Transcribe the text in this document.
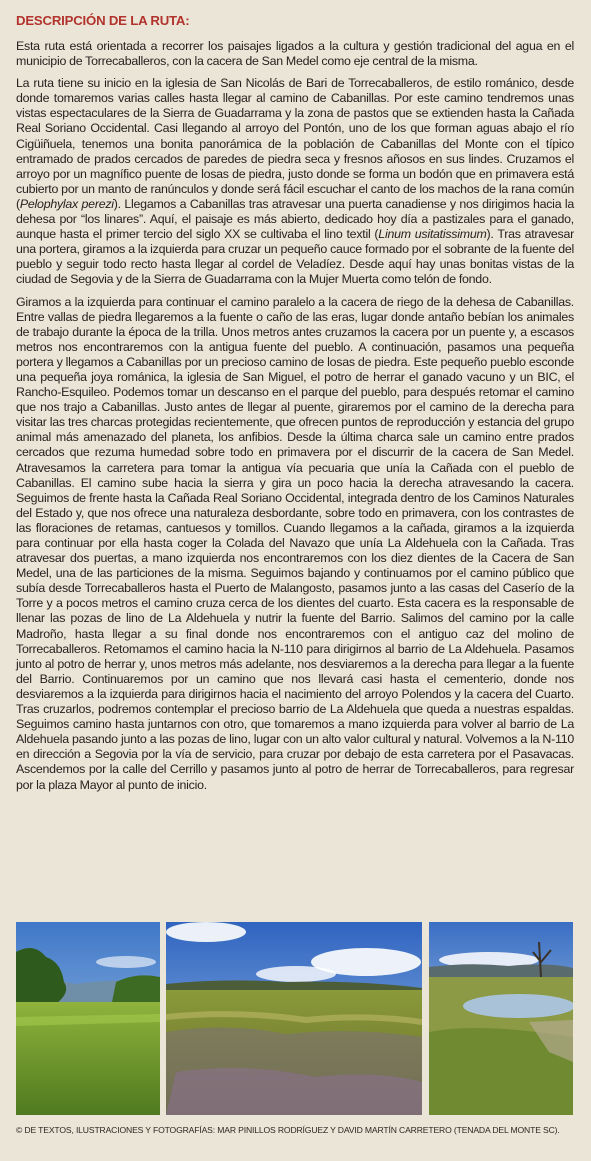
DESCRIPCIÓN DE LA RUTA:

Esta ruta está orientada a recorrer los paisajes ligados a la cultura y gestión tradicional del agua en el municipio de Torrecaballeros, con la cacera de San Medel como eje central de la misma.

La ruta tiene su inicio en la iglesia de San Nicolás de Bari de Torrecaballeros, de estilo románico, desde donde tomaremos varias calles hasta llegar al camino de Cabanillas. Por este camino tendremos unas vistas espectaculares de la Sierra de Guadarrama y la zona de pastos que se extienden hasta la Cañada Real Soriano Occidental. Casi llegando al arroyo del Pontón, uno de los que forman aguas abajo el río Cigüiñuela, tenemos una bonita panorámica de la población de Cabanillas del Monte con el típico entramado de prados cercados de paredes de piedra seca y fresnos añosos en sus lindes. Cruzamos el arroyo por un magnífico puente de losas de piedra, justo donde se forma un bodón que en primavera está cubierto por un manto de ranúnculos y donde será fácil escuchar el canto de los machos de la rana común (Pelophylax perezi). Llegamos a Cabanillas tras atravesar una puerta canadiense y nos dirigimos hacia la dehesa por “los linares”. Aquí, el paisaje es más abierto, dedicado hoy día a pastizales para el ganado, aunque hasta el primer tercio del siglo XX se cultivaba el lino textil (Linum usitatissimum). Tras atravesar una portera, giramos a la izquierda para cruzar un pequeño cauce formado por el sobrante de la fuente del pueblo y seguir todo recto hasta llegar al cordel de Veladíez. Desde aquí hay unas bonitas vistas de la ciudad de Segovia y de la Sierra de Guadarrama con la Mujer Muerta como telón de fondo.

Giramos a la izquierda para continuar el camino paralelo a la cacera de riego de la dehesa de Cabanillas. Entre vallas de piedra llegaremos a la fuente o caño de las eras, lugar donde antaño bebían los animales de trabajo durante la época de la trilla. Unos metros antes cruzamos la cacera por un puente y, a escasos metros nos encontraremos con la antigua fuente del pueblo. A continuación, pasamos una pequeña portera y llegamos a Cabanillas por un precioso camino de losas de piedra. Este pequeño pueblo esconde una pequeña joya románica, la iglesia de San Miguel, el potro de herrar el ganado vacuno y un BIC, el Rancho-Esquileo. Podemos tomar un descanso en el parque del pueblo, para después retomar el camino que nos trajo a Cabanillas. Justo antes de llegar al puente, giraremos por el camino de la derecha para visitar las tres charcas protegidas recientemente, que ofrecen puntos de reproducción y estancia del grupo animal más amenazado del planeta, los anfibios. Desde la última charca sale un camino entre prados cercados que rezuma humedad sobre todo en primavera por el discurrir de la cacera de San Medel. Atravesamos la carretera para tomar la antigua vía pecuaria que unía la Cañada con el pueblo de Cabanillas. El camino sube hacia la sierra y gira un poco hacia la derecha atravesando la cacera. Seguimos de frente hasta la Cañada Real Soriano Occidental, integrada dentro de los Caminos Naturales del Estado y, que nos ofrece una naturaleza desbordante, sobre todo en primavera, con los contrastes de las floraciones de retamas, cantuesos y tomillos. Cuando llegamos a la cañada, giramos a la izquierda para continuar por ella hasta coger la Colada del Navazo que unía La Aldehuela con la Cañada. Tras atravesar dos puertas, a mano izquierda nos encontraremos con los diez dientes de la Cacera de San Medel, una de las particiones de la misma. Seguimos bajando y continuamos por el camino público que subía desde Torrecaballeros hasta el Puerto de Malangosto, pasamos junto a las casas del Caserío de la Torre y a pocos metros el camino cruza cerca de los dientes del cuarto. Esta cacera es la responsable de llenar las pozas de lino de La Aldehuela y nutrir la fuente del Barrio. Salimos del camino por la calle Madroño, hasta llegar a su final donde nos encontraremos con el antiguo caz del molino de Torrecaballeros. Retomamos el camino hacia la N-110 para dirigirnos al barrio de La Aldehuela. Pasamos junto al potro de herrar y, unos metros más adelante, nos desviaremos a la derecha para llegar a la fuente del Barrio. Continuaremos por un camino que nos llevará casi hasta el cementerio, donde nos desviaremos a la izquierda para dirigirnos hacia el nacimiento del arroyo Polendos y la cacera del Cuarto. Tras cruzarlos, podremos contemplar el precioso barrio de La Aldehuela que queda a nuestras espaldas. Seguimos camino hasta juntarnos con otro, que tomaremos a mano izquierda para volver al barrio de La Aldehuela pasando junto a las pozas de lino, lugar con un alto valor cultural y natural. Volvemos a la N-110 en dirección a Segovia por la vía de servicio, para cruzar por debajo de esta carretera por el Pasavacas. Ascendemos por la calle del Cerrillo y pasamos junto al potro de herrar de Torrecaballeros, para regresar por la plaza Mayor al punto de inicio.

© DE TEXTOS, ILUSTRACIONES Y FOTOGRAFÍAS: MAR PINILLOS RODRÍGUEZ Y DAVID MARTÍN CARRETERO (TENADA DEL MONTE SC).
